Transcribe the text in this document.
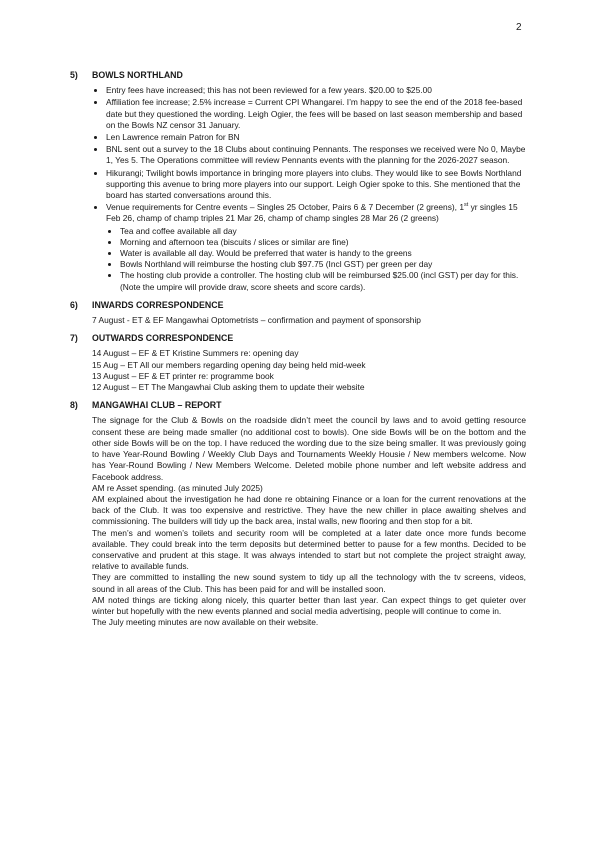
2
5)	BOWLS NORTHLAND
• Entry fees have increased; this has not been reviewed for a few years. $20.00 to $25.00
• Affiliation fee increase; 2.5% increase = Current CPI Whangarei. I’m happy to see the end of the 2018 fee-based date but they questioned the wording. Leigh Ogier, the fees will be based on last season membership and based on the Bowls NZ censor 31 January.
• Len Lawrence remain Patron for BN
• BNL sent out a survey to the 18 Clubs about continuing Pennants. The responses we received were No 0, Maybe 1, Yes 5. The Operations committee will review Pennants events with the planning for the 2026-2027 season.
• Hikurangi; Twilight bowls importance in bringing more players into clubs. They would like to see Bowls Northland supporting this avenue to bring more players into our support. Leigh Ogier spoke to this. She mentioned that the board has started conversations around this.
• Venue requirements for Centre events – Singles 25 October, Pairs 6 & 7 December (2 greens), 1st yr singles 15 Feb 26, champ of champ triples 21 Mar 26, champ of champ singles 28 Mar 26 (2 greens)
• Tea and coffee available all day
• Morning and afternoon tea (biscuits / slices or similar are fine)
• Water is available all day. Would be preferred that water is handy to the greens
• Bowls Northland will reimburse the hosting club $97.75 (Incl GST) per green per day
• The hosting club provide a controller. The hosting club will be reimbursed $25.00 (incl GST) per day for this. (Note the umpire will provide draw, score sheets and score cards).
6)	INWARDS CORRESPONDENCE
7 August - ET & EF Mangawhai Optometrists – confirmation and payment of sponsorship
7)	OUTWARDS CORRESPONDENCE
14 August – EF & ET Kristine Summers re: opening day
15 Aug – ET All our members regarding opening day being held mid-week
13 August – EF & ET printer re: programme book
12 August – ET The Mangawhai Club asking them to update their website
8)	MANGAWHAI CLUB – REPORT
The signage for the Club & Bowls on the roadside didn’t meet the council by laws and to avoid getting resource consent these are being made smaller (no additional cost to bowls). One side Bowls will be on the bottom and the other side Bowls will be on the top. I have reduced the wording due to the size being smaller. It was previously going to have Year-Round Bowling / Weekly Club Days and Tournaments Weekly Housie / New members welcome. Now has Year-Round Bowling / New Members Welcome. Deleted mobile phone number and left website address and Facebook address.
AM re Asset spending. (as minuted July 2025)
AM explained about the investigation he had done re obtaining Finance or a loan for the current renovations at the back of the Club. It was too expensive and restrictive. They have the new chiller in place awaiting shelves and commissioning. The builders will tidy up the back area, instal walls, new flooring and then stop for a bit.
The men’s and women’s toilets and security room will be completed at a later date once more funds become available. They could break into the term deposits but determined better to pause for a few months. Decided to be conservative and prudent at this stage. It was always intended to start but not complete the project straight away, relative to available funds.
They are committed to installing the new sound system to tidy up all the technology with the tv screens, videos, sound in all areas of the Club. This has been paid for and will be installed soon.
AM noted things are ticking along nicely, this quarter better than last year. Can expect things to get quieter over winter but hopefully with the new events planned and social media advertising, people will continue to come in.
The July meeting minutes are now available on their website.
